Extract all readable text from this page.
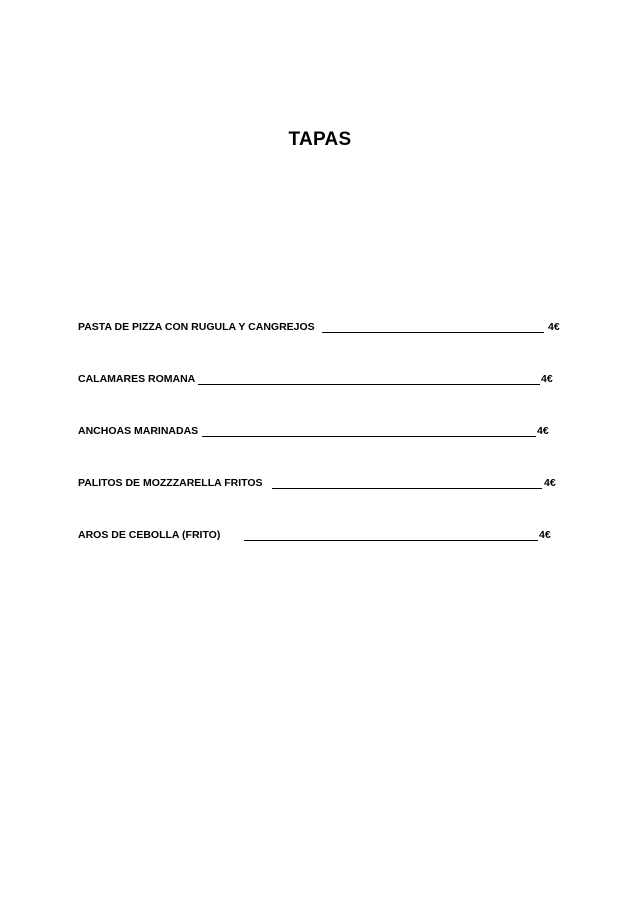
TAPAS
PASTA DE PIZZA CON RUGULA Y CANGREJOS	4€
CALAMARES ROMANA	4€
ANCHOAS MARINADAS	4€
PALITOS DE MOZZZARELLA FRITOS	4€
AROS DE CEBOLLA (FRITO)	4€
